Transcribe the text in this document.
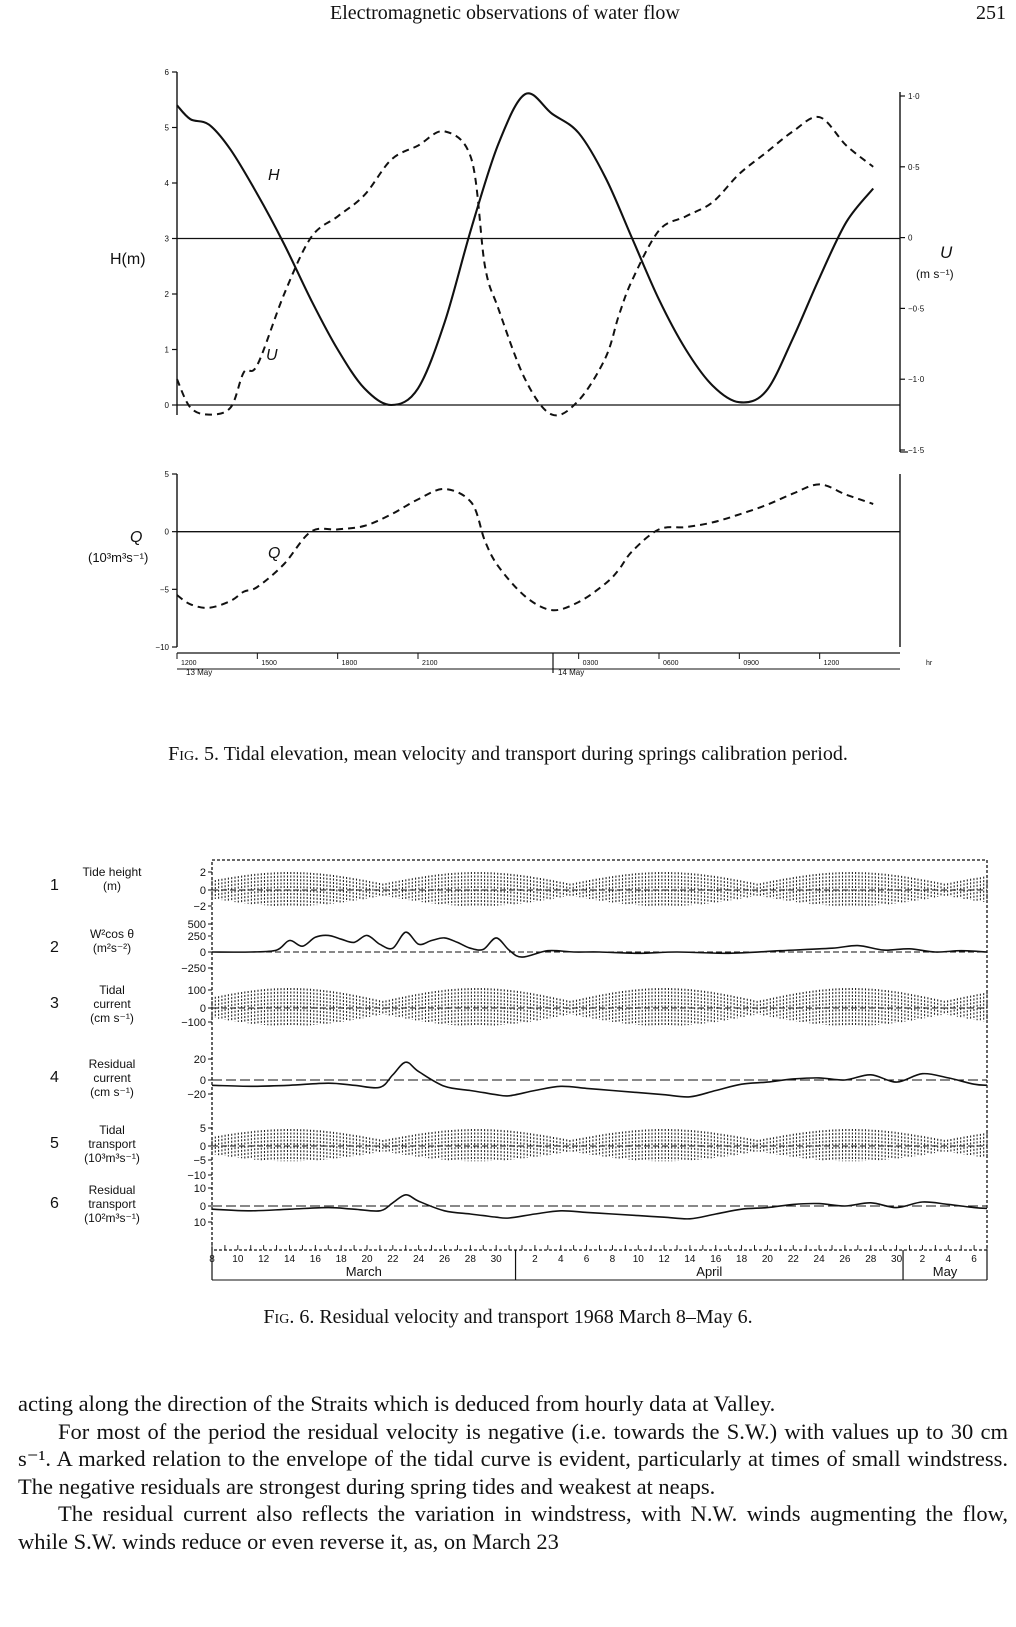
Electromagnetic observations of water flow	251
6
5
4
3
2
1
0
1·0
0·5
0
−0·5
−1·0
−1·5
5
0
−5
−10
1200	1500	1800	2100	0300	0600	0900	1200	hr
H(m)	U
(m s⁻¹)
H
U
Q
(10³m³s⁻¹)	Q
13 May	14 May
Fig. 5. Tidal elevation, mean velocity and transport during springs calibration period.
1
Tide height
(m)
2
0
−2
2
W²cos θ
(m²s⁻²)
500
250
0
−250
3
Tidal
current
(cm s⁻¹)
100
0
−100
4
Residual
current
(cm s⁻¹)
20
0
−20
5
Tidal
transport
(10³m³s⁻¹)
5
0
−5
−10
6
Residual
transport
(10²m³s⁻¹)
10
0
10
8 10 12 14 16 18 20 22 24 26 28 30	2 4 6 8 10 12 14 16 18 20 22 24 26 28 30 2 4 6
March	April	May
Fig. 6. Residual velocity and transport 1968 March 8–May 6.

acting along the direction of the Straits which is deduced from hourly data at Valley.

For most of the period the residual velocity is negative (i.e. towards the S.W.) with values up to 30 cm s⁻¹. A marked relation to the envelope of the tidal curve is evident, particularly at times of small windstress. The negative residuals are strongest during spring tides and weakest at neaps.

The residual current also reflects the variation in windstress, with N.W. winds augmenting the flow, while S.W. winds reduce or even reverse it, as, on March 23
